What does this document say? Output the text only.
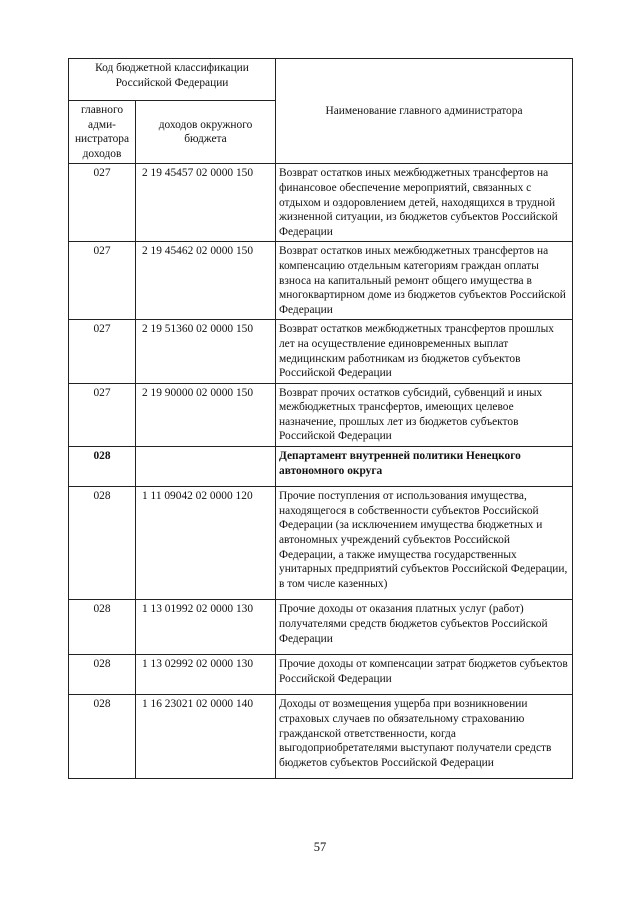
Код бюджетной классификации Российской Федерации		Наименование главного администратора
главного адми-нистратора доходов	доходов окружного бюджета	
027	2 19 45457 02 0000 150	Возврат остатков иных межбюджетных трансфертов на финансовое обеспечение мероприятий, связанных с отдыхом и оздоровлением детей, находящихся в трудной жизненной ситуации, из бюджетов субъектов Российской Федерации
027	2 19 45462 02 0000 150	Возврат остатков иных межбюджетных трансфертов на компенсацию отдельным категориям граждан оплаты взноса на капитальный ремонт общего имущества в многоквартирном доме из бюджетов субъектов Российской Федерации
027	2 19 51360 02 0000 150	Возврат остатков межбюджетных трансфертов прошлых лет на осуществление единовременных выплат медицинским работникам из бюджетов субъектов Российской Федерации
027	2 19 90000 02 0000 150	Возврат прочих остатков субсидий, субвенций и иных межбюджетных трансфертов, имеющих целевое назначение, прошлых лет из бюджетов субъектов Российской Федерации
028		Департамент внутренней политики Ненецкого автономного округа
028	1 11 09042 02 0000 120	Прочие поступления от использования имущества, находящегося в собственности субъектов Российской Федерации (за исключением имущества бюджетных и автономных учреждений субъектов Российской Федерации, а также имущества государственных унитарных предприятий субъектов Российской Федерации, в том числе казенных)
028	1 13 01992 02 0000 130	Прочие доходы от оказания платных услуг (работ) получателями средств бюджетов субъектов Российской Федерации
028	1 13 02992 02 0000 130	Прочие доходы от компенсации затрат бюджетов субъектов Российской Федерации
028	1 16 23021 02 0000 140	Доходы от возмещения ущерба при возникновении страховых случаев по обязательному страхованию гражданской ответственности, когда выгодоприобретателями выступают получатели средств бюджетов субъектов Российской Федерации
57
